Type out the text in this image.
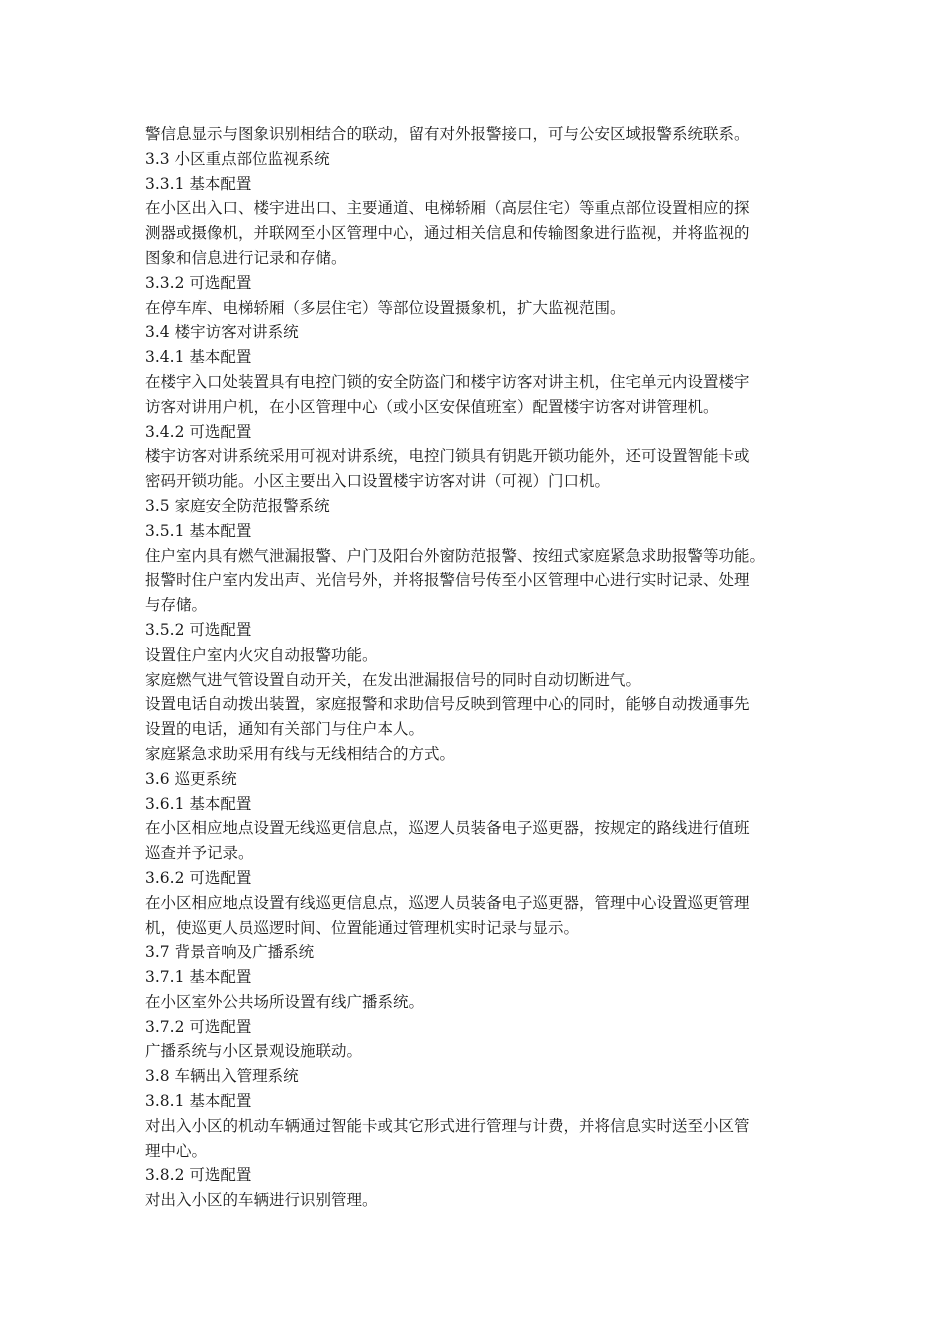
警信息显示与图象识别相结合的联动，留有对外报警接口，可与公安区域报警系统联系。
3.3 小区重点部位监视系统
3.3.1 基本配置
在小区出入口、楼宇进出口、主要通道、电梯轿厢（高层住宅）等重点部位设置相应的探
测器或摄像机，并联网至小区管理中心，通过相关信息和传输图象进行监视，并将监视的
图象和信息进行记录和存储。
3.3.2 可选配置
在停车库、电梯轿厢（多层住宅）等部位设置摄象机，扩大监视范围。
3.4 楼宇访客对讲系统
3.4.1 基本配置
在楼宇入口处装置具有电控门锁的安全防盗门和楼宇访客对讲主机，住宅单元内设置楼宇
访客对讲用户机，在小区管理中心（或小区安保值班室）配置楼宇访客对讲管理机。
3.4.2 可选配置
楼宇访客对讲系统采用可视对讲系统，电控门锁具有钥匙开锁功能外，还可设置智能卡或
密码开锁功能。小区主要出入口设置楼宇访客对讲（可视）门口机。
3.5 家庭安全防范报警系统
3.5.1 基本配置
住户室内具有燃气泄漏报警、户门及阳台外窗防范报警、按纽式家庭紧急求助报警等功能。
报警时住户室内发出声、光信号外，并将报警信号传至小区管理中心进行实时记录、处理
与存储。
3.5.2 可选配置
设置住户室内火灾自动报警功能。
家庭燃气进气管设置自动开关，在发出泄漏报信号的同时自动切断进气。
设置电话自动拨出装置，家庭报警和求助信号反映到管理中心的同时，能够自动拨通事先
设置的电话，通知有关部门与住户本人。
家庭紧急求助采用有线与无线相结合的方式。
3.6 巡更系统
3.6.1 基本配置
在小区相应地点设置无线巡更信息点，巡逻人员装备电子巡更器，按规定的路线进行值班
巡查并予记录。
3.6.2 可选配置
在小区相应地点设置有线巡更信息点，巡逻人员装备电子巡更器，管理中心设置巡更管理
机，使巡更人员巡逻时间、位置能通过管理机实时记录与显示。
3.7 背景音响及广播系统
3.7.1 基本配置
在小区室外公共场所设置有线广播系统。
3.7.2 可选配置
广播系统与小区景观设施联动。
3.8 车辆出入管理系统
3.8.1 基本配置
对出入小区的机动车辆通过智能卡或其它形式进行管理与计费，并将信息实时送至小区管
理中心。
3.8.2 可选配置
对出入小区的车辆进行识别管理。
